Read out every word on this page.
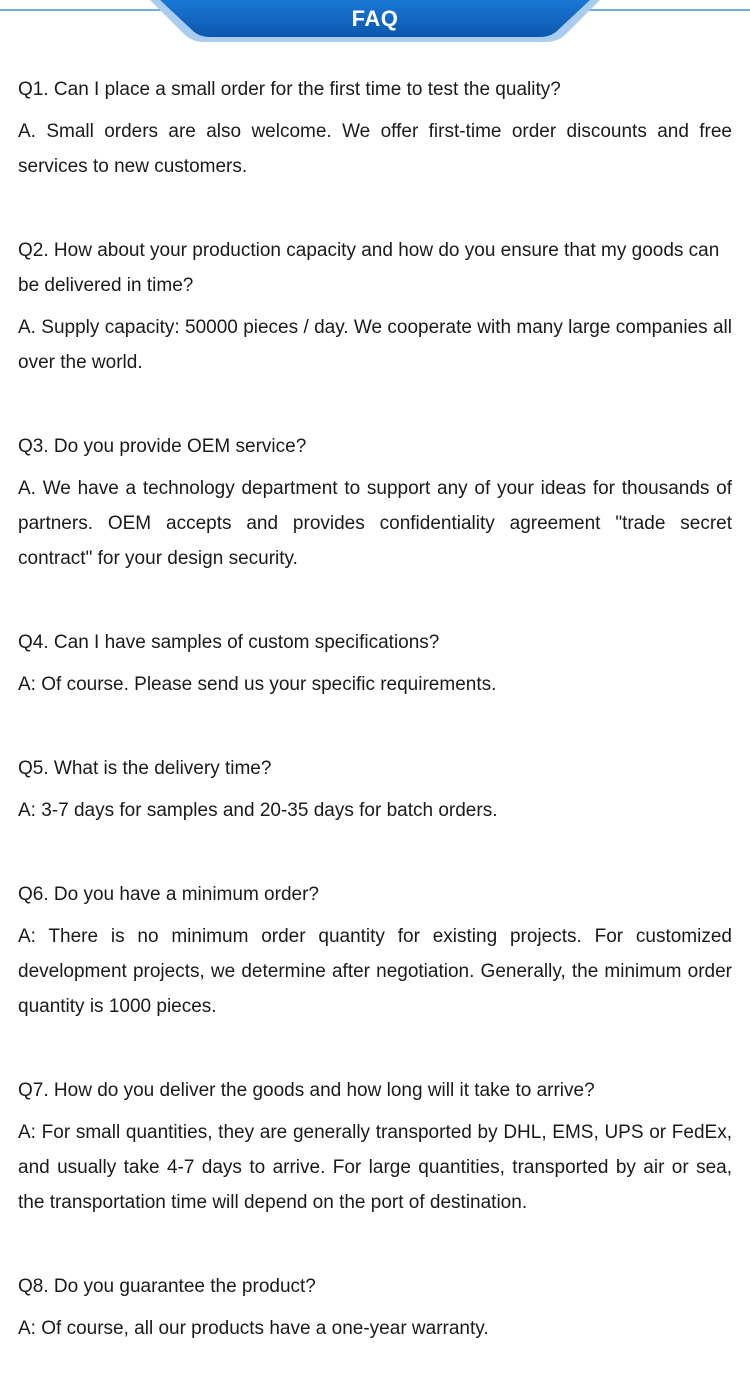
FAQ

Q1. Can I place a small order for the first time to test the quality?

A. Small orders are also welcome. We offer first-time order discounts and free services to new customers.

Q2. How about your production capacity and how do you ensure that my goods can be delivered in time?

A. Supply capacity: 50000 pieces / day. We cooperate with many large companies all over the world.

Q3. Do you provide OEM service?

A. We have a technology department to support any of your ideas for thousands of partners. OEM accepts and provides confidentiality agreement "trade secret contract" for your design security.

Q4. Can I have samples of custom specifications?

A: Of course. Please send us your specific requirements.

Q5. What is the delivery time?

A: 3-7 days for samples and 20-35 days for batch orders.

Q6. Do you have a minimum order?

A: There is no minimum order quantity for existing projects. For customized development projects, we determine after negotiation. Generally, the minimum order quantity is 1000 pieces.

Q7. How do you deliver the goods and how long will it take to arrive?

A: For small quantities, they are generally transported by DHL, EMS, UPS or FedEx, and usually take 4-7 days to arrive. For large quantities, transported by air or sea, the transportation time will depend on the port of destination.

Q8. Do you guarantee the product?

A: Of course, all our products have a one-year warranty.
